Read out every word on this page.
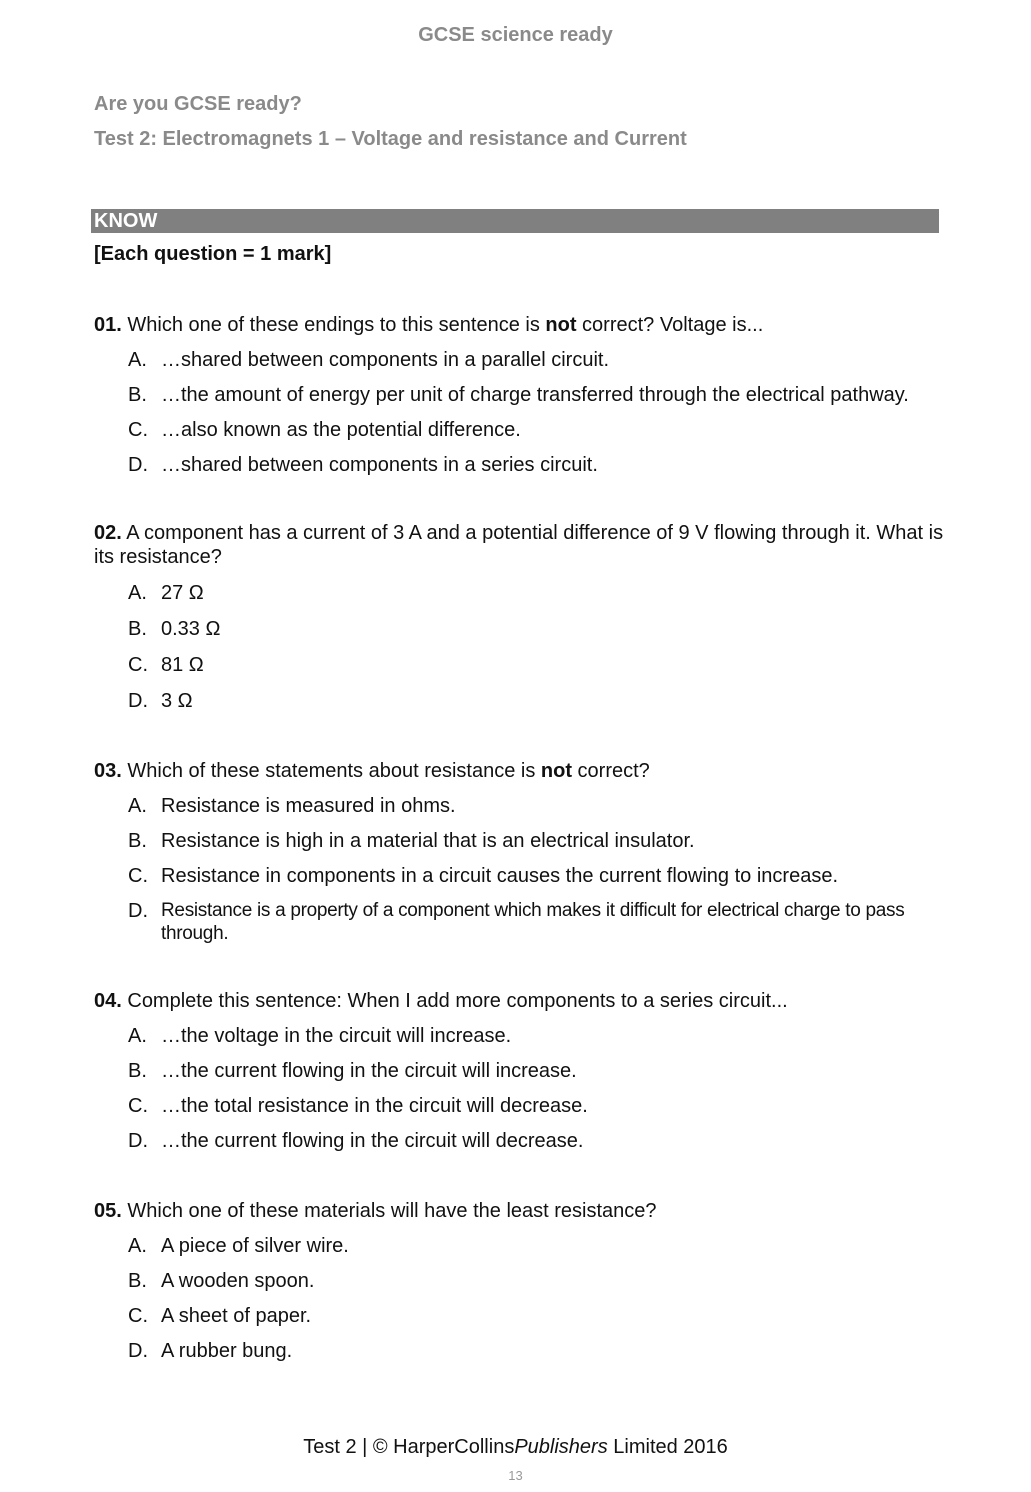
GCSE science ready
Are you GCSE ready?
Test 2: Electromagnets 1 – Voltage and resistance and Current
KNOW
[Each question = 1 mark]
01. Which one of these endings to this sentence is not correct? Voltage is...
A. …shared between components in a parallel circuit.
B. …the amount of energy per unit of charge transferred through the electrical pathway.
C. …also known as the potential difference.
D. …shared between components in a series circuit.
02. A component has a current of 3 A and a potential difference of 9 V flowing through it. What is its resistance?
A. 27 Ω
B. 0.33 Ω
C. 81 Ω
D. 3 Ω
03. Which of these statements about resistance is not correct?
A. Resistance is measured in ohms.
B. Resistance is high in a material that is an electrical insulator.
C. Resistance in components in a circuit causes the current flowing to increase.
D. Resistance is a property of a component which makes it difficult for electrical charge to pass through.
04. Complete this sentence: When I add more components to a series circuit...
A. …the voltage in the circuit will increase.
B. …the current flowing in the circuit will increase.
C. …the total resistance in the circuit will decrease.
D. …the current flowing in the circuit will decrease.
05. Which one of these materials will have the least resistance?
A. A piece of silver wire.
B. A wooden spoon.
C. A sheet of paper.
D. A rubber bung.
Test 2 | © HarperCollinsPublishers Limited 2016
13
